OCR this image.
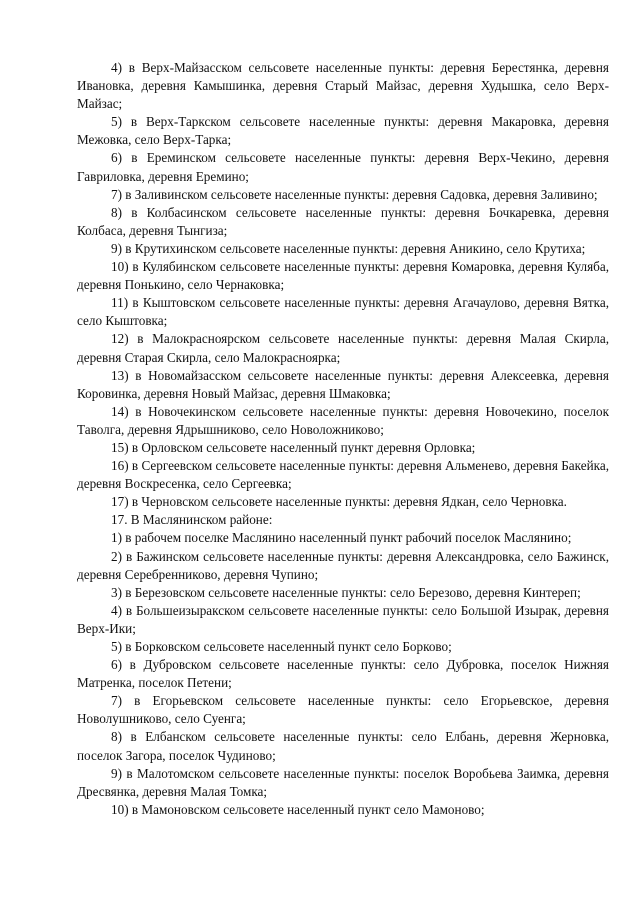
4) в Верх-Майзасском сельсовете населенные пункты: деревня Берестянка, деревня Ивановка, деревня Камышинка, деревня Старый Майзас, деревня Худышка, село Верх-Майзас;

5) в Верх-Таркском сельсовете населенные пункты: деревня Макаровка, деревня Межовка, село Верх-Тарка;

6) в Ереминском сельсовете населенные пункты: деревня Верх-Чекино, деревня Гавриловка, деревня Еремино;

7) в Заливинском сельсовете населенные пункты: деревня Садовка, деревня Заливино;

8) в Колбасинском сельсовете населенные пункты: деревня Бочкаревка, деревня Колбаса, деревня Тынгиза;

9) в Крутихинском сельсовете населенные пункты: деревня Аникино, село Крутиха;

10) в Кулябинском сельсовете населенные пункты: деревня Комаровка, деревня Куляба, деревня Понькино, село Чернаковка;

11) в Кыштовском сельсовете населенные пункты: деревня Агачаулово, деревня Вятка, село Кыштовка;

12) в Малокрасноярском сельсовете населенные пункты: деревня Малая Скирла, деревня Старая Скирла, село Малокрасноярка;

13) в Новомайзасском сельсовете населенные пункты: деревня Алексеевка, деревня Коровинка, деревня Новый Майзас, деревня Шмаковка;

14) в Новочекинском сельсовете населенные пункты: деревня Новочекино, поселок Таволга, деревня Ядрышниково, село Новоложниково;

15) в Орловском сельсовете населенный пункт деревня Орловка;

16) в Сергеевском сельсовете населенные пункты: деревня Альменево, деревня Бакейка, деревня Воскресенка, село Сергеевка;

17) в Черновском сельсовете населенные пункты: деревня Ядкан, село Черновка.

17. В Маслянинском районе:

1) в рабочем поселке Маслянино населенный пункт рабочий поселок Маслянино;

2) в Бажинском сельсовете населенные пункты: деревня Александровка, село Бажинск, деревня Серебренниково, деревня Чупино;

3) в Березовском сельсовете населенные пункты: село Березово, деревня Кинтереп;

4) в Большеизыракском сельсовете населенные пункты: село Большой Изырак, деревня Верх-Ики;

5) в Борковском сельсовете населенный пункт село Борково;

6) в Дубровском сельсовете населенные пункты: село Дубровка, поселок Нижняя Матренка, поселок Петени;

7) в Егорьевском сельсовете населенные пункты: село Егорьевское, деревня Новолушниково, село Суенга;

8) в Елбанском сельсовете населенные пункты: село Елбань, деревня Жерновка, поселок Загора, поселок Чудиново;

9) в Малотомском сельсовете населенные пункты: поселок Воробьева Заимка, деревня Дресвянка, деревня Малая Томка;

10) в Мамоновском сельсовете населенный пункт село Мамоново;
